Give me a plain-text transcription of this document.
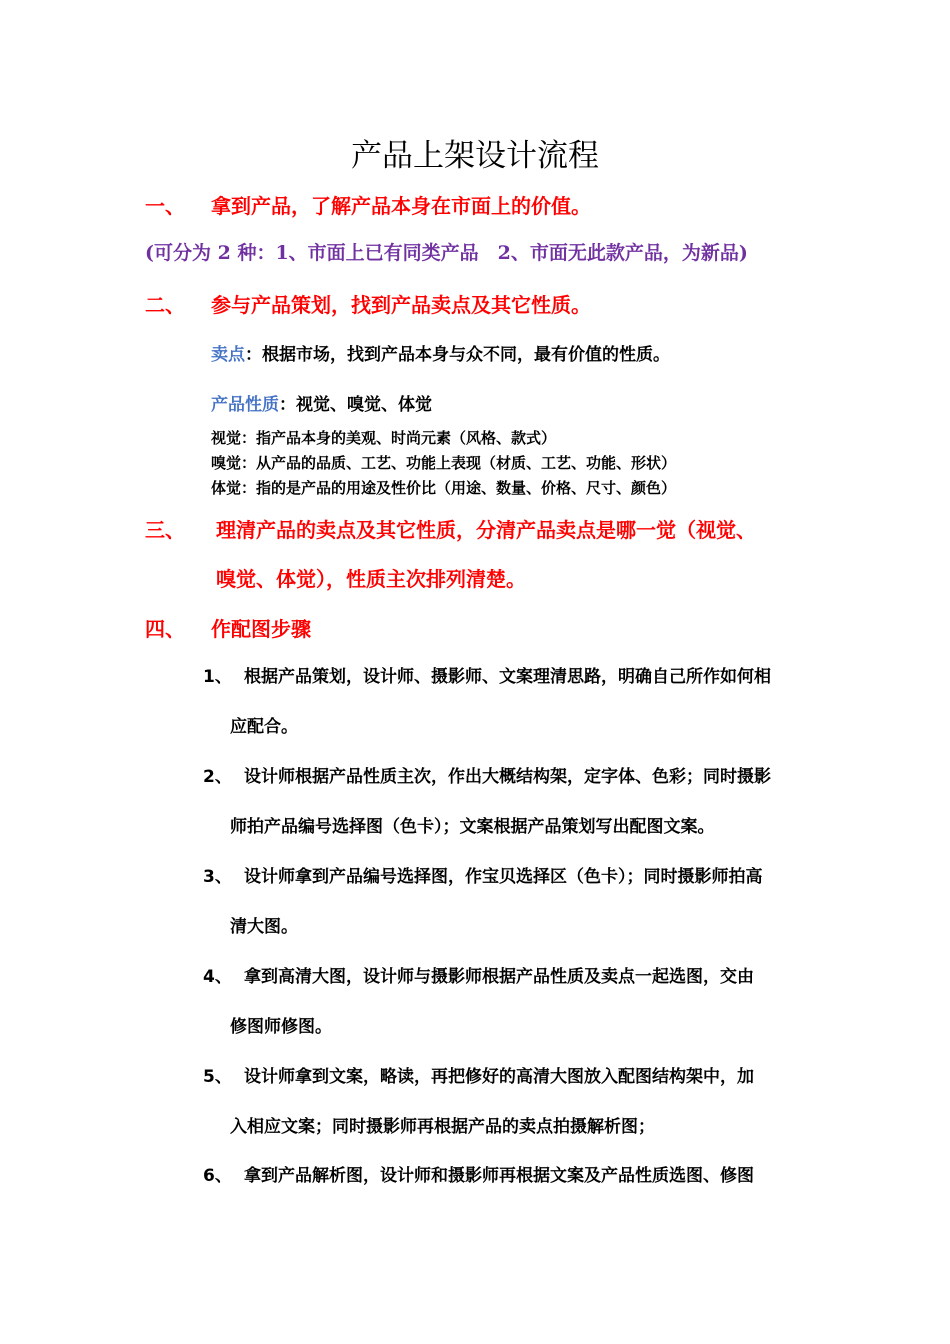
产品上架设计流程
一、 拿到产品，了解产品本身在市面上的价值。
(可分为 2 种：1、市面上已有同类产品　2、市面无此款产品，为新品)
二、 参与产品策划，找到产品卖点及其它性质。
卖点：根据市场，找到产品本身与众不同，最有价值的性质。
产品性质：视觉、嗅觉、体觉
视觉：指产品本身的美观、时尚元素（风格、款式）
嗅觉：从产品的品质、工艺、功能上表现（材质、工艺、功能、形状）
体觉：指的是产品的用途及性价比（用途、数量、价格、尺寸、颜色）
三、 理清产品的卖点及其它性质，分清产品卖点是哪一觉（视觉、
嗅觉、体觉），性质主次排列清楚。
四、 作配图步骤
1、 根据产品策划，设计师、摄影师、文案理清思路，明确自己所作如何相
应配合。
2、 设计师根据产品性质主次，作出大概结构架，定字体、色彩；同时摄影
师拍产品编号选择图（色卡）；文案根据产品策划写出配图文案。
3、 设计师拿到产品编号选择图，作宝贝选择区（色卡）；同时摄影师拍高
清大图。
4、 拿到高清大图，设计师与摄影师根据产品性质及卖点一起选图，交由
修图师修图。
5、 设计师拿到文案，略读，再把修好的高清大图放入配图结构架中，加
入相应文案；同时摄影师再根据产品的卖点拍摄解析图；
6、 拿到产品解析图，设计师和摄影师再根据文案及产品性质选图、修图
